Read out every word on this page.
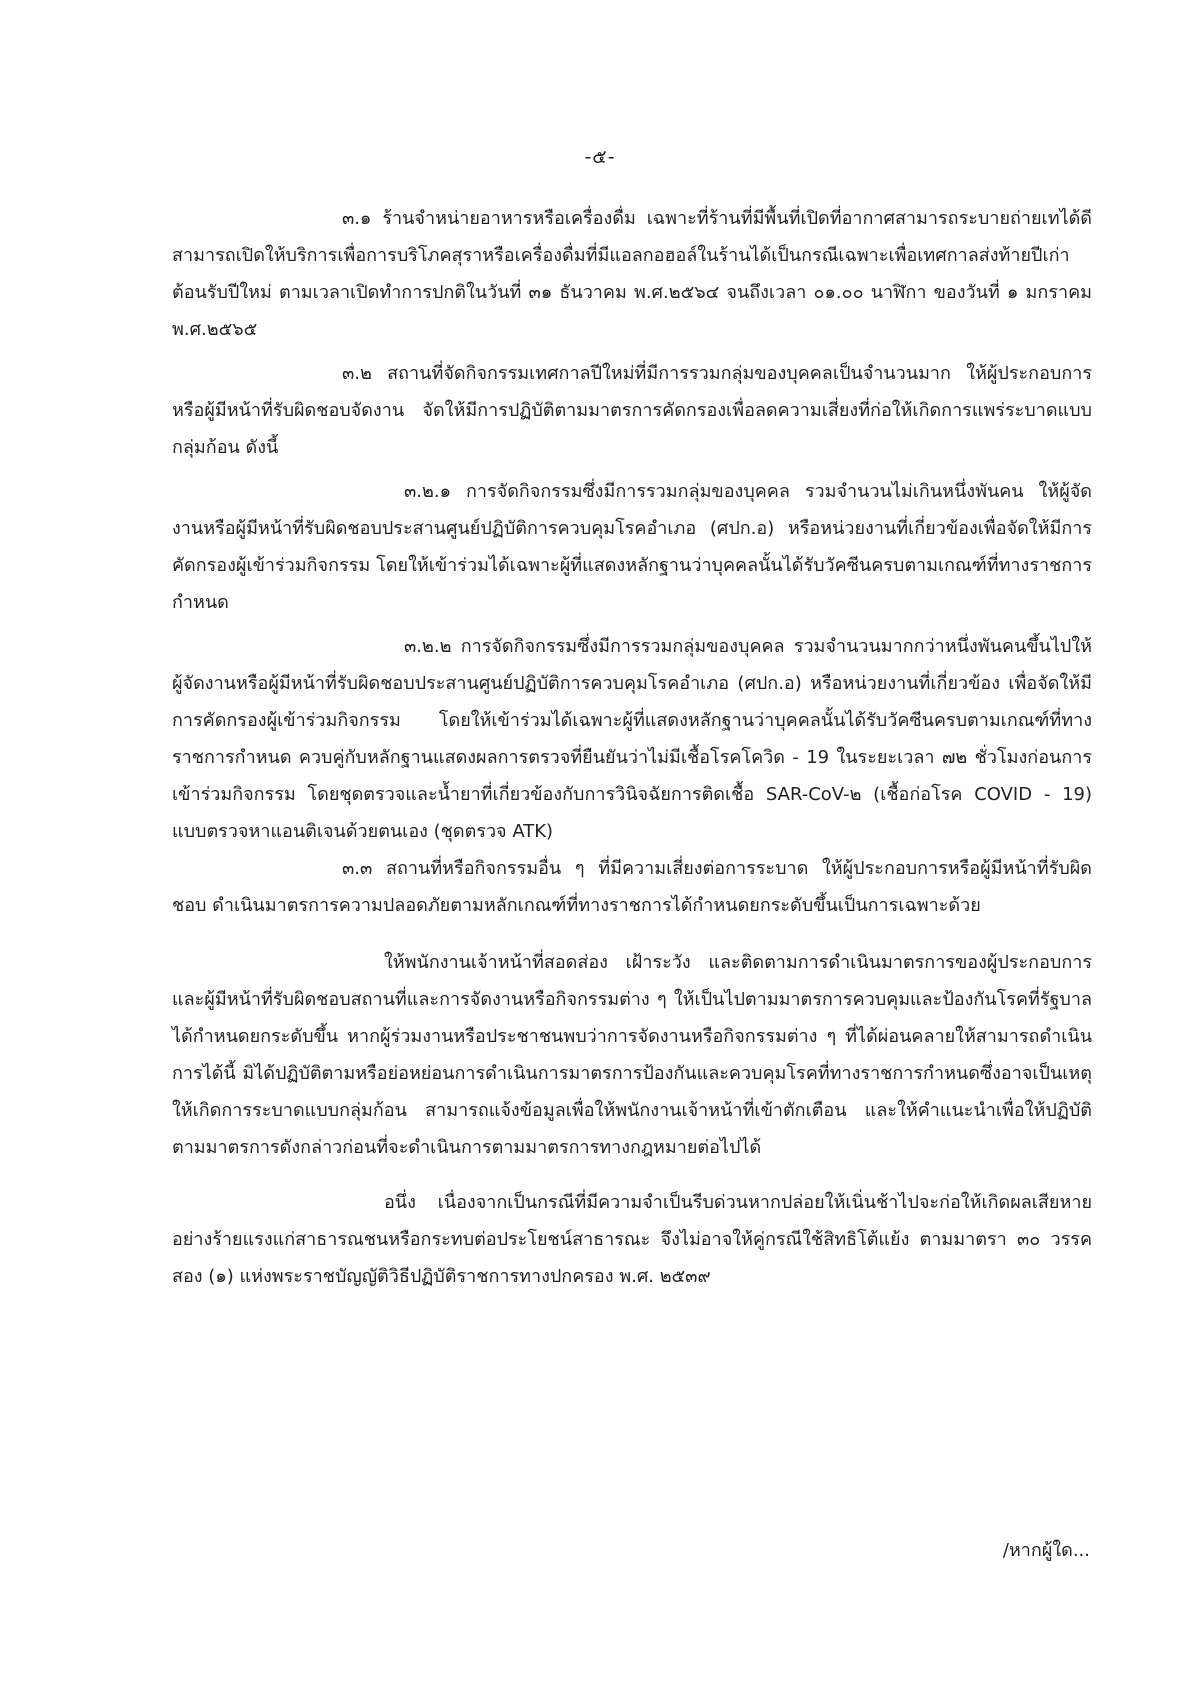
-๕-

๓.๑ ร้านจำหน่ายอาหารหรือเครื่องดื่ม เฉพาะที่ร้านที่มีพื้นที่เปิดที่อากาศสามารถระบายถ่ายเทได้ดี สามารถเปิดให้บริการเพื่อการบริโภคสุราหรือเครื่องดื่มที่มีแอลกอฮอล์ในร้านได้เป็นกรณีเฉพาะเพื่อเทศกาลส่งท้ายปีเก่าต้อนรับปีใหม่ ตามเวลาเปิดทำการปกติในวันที่ ๓๑ ธันวาคม พ.ศ.๒๕๖๔ จนถึงเวลา ๐๑.๐๐ นาฬิกา ของวันที่ ๑ มกราคม พ.ศ.๒๕๖๕

๓.๒ สถานที่จัดกิจกรรมเทศกาลปีใหม่ที่มีการรวมกลุ่มของบุคคลเป็นจำนวนมาก ให้ผู้ประกอบการหรือผู้มีหน้าที่รับผิดชอบจัดงาน จัดให้มีการปฏิบัติตามมาตรการคัดกรองเพื่อลดความเสี่ยงที่ก่อให้เกิดการแพร่ระบาดแบบกลุ่มก้อน ดังนี้

๓.๒.๑ การจัดกิจกรรมซึ่งมีการรวมกลุ่มของบุคคล รวมจำนวนไม่เกินหนึ่งพันคน ให้ผู้จัดงานหรือผู้มีหน้าที่รับผิดชอบประสานศูนย์ปฏิบัติการควบคุมโรคอำเภอ (ศปก.อ) หรือหน่วยงานที่เกี่ยวข้องเพื่อจัดให้มีการคัดกรองผู้เข้าร่วมกิจกรรม โดยให้เข้าร่วมได้เฉพาะผู้ที่แสดงหลักฐานว่าบุคคลนั้นได้รับวัคซีนครบตามเกณฑ์ที่ทางราชการกำหนด

๓.๒.๒ การจัดกิจกรรมซึ่งมีการรวมกลุ่มของบุคคล รวมจำนวนมากกว่าหนึ่งพันคนขึ้นไปให้ผู้จัดงานหรือผู้มีหน้าที่รับผิดชอบประสานศูนย์ปฏิบัติการควบคุมโรคอำเภอ (ศปก.อ) หรือหน่วยงานที่เกี่ยวข้อง เพื่อจัดให้มีการคัดกรองผู้เข้าร่วมกิจกรรม โดยให้เข้าร่วมได้เฉพาะผู้ที่แสดงหลักฐานว่าบุคคลนั้นได้รับวัคซีนครบตามเกณฑ์ที่ทางราชการกำหนด ควบคู่กับหลักฐานแสดงผลการตรวจที่ยืนยันว่าไม่มีเชื้อโรคโควิด - 19 ในระยะเวลา ๗๒ ชั่วโมงก่อนการเข้าร่วมกิจกรรม โดยชุดตรวจและน้ำยาที่เกี่ยวข้องกับการวินิจฉัยการติดเชื้อ SAR-CoV-๒ (เชื้อก่อโรค COVID - 19) แบบตรวจหาแอนติเจนด้วยตนเอง (ชุดตรวจ ATK)

๓.๓ สถานที่หรือกิจกรรมอื่น ๆ ที่มีความเสี่ยงต่อการระบาด ให้ผู้ประกอบการหรือผู้มีหน้าที่รับผิดชอบ ดำเนินมาตรการความปลอดภัยตามหลักเกณฑ์ที่ทางราชการได้กำหนดยกระดับขึ้นเป็นการเฉพาะด้วย

ให้พนักงานเจ้าหน้าที่สอดส่อง เฝ้าระวัง และติดตามการดำเนินมาตรการของผู้ประกอบการและผู้มีหน้าที่รับผิดชอบสถานที่และการจัดงานหรือกิจกรรมต่าง ๆ ให้เป็นไปตามมาตรการควบคุมและป้องกันโรคที่รัฐบาลได้กำหนดยกระดับขึ้น หากผู้ร่วมงานหรือประชาชนพบว่าการจัดงานหรือกิจกรรมต่าง ๆ ที่ได้ผ่อนคลายให้สามารถดำเนินการได้นี้ มิได้ปฏิบัติตามหรือย่อหย่อนการดำเนินการมาตรการป้องกันและควบคุมโรคที่ทางราชการกำหนดซึ่งอาจเป็นเหตุให้เกิดการระบาดแบบกลุ่มก้อน สามารถแจ้งข้อมูลเพื่อให้พนักงานเจ้าหน้าที่เข้าตักเตือน และให้คำแนะนำเพื่อให้ปฏิบัติตามมาตรการดังกล่าวก่อนที่จะดำเนินการตามมาตรการทางกฎหมายต่อไปได้

อนึ่ง เนื่องจากเป็นกรณีที่มีความจำเป็นรีบด่วนหากปล่อยให้เนิ่นช้าไปจะก่อให้เกิดผลเสียหายอย่างร้ายแรงแก่สาธารณชนหรือกระทบต่อประโยชน์สาธารณะ จึงไม่อาจให้คู่กรณีใช้สิทธิโต้แย้ง ตามมาตรา ๓๐ วรรคสอง (๑) แห่งพระราชบัญญัติวิธีปฏิบัติราชการทางปกครอง พ.ศ. ๒๕๓๙

/หากผู้ใด...
